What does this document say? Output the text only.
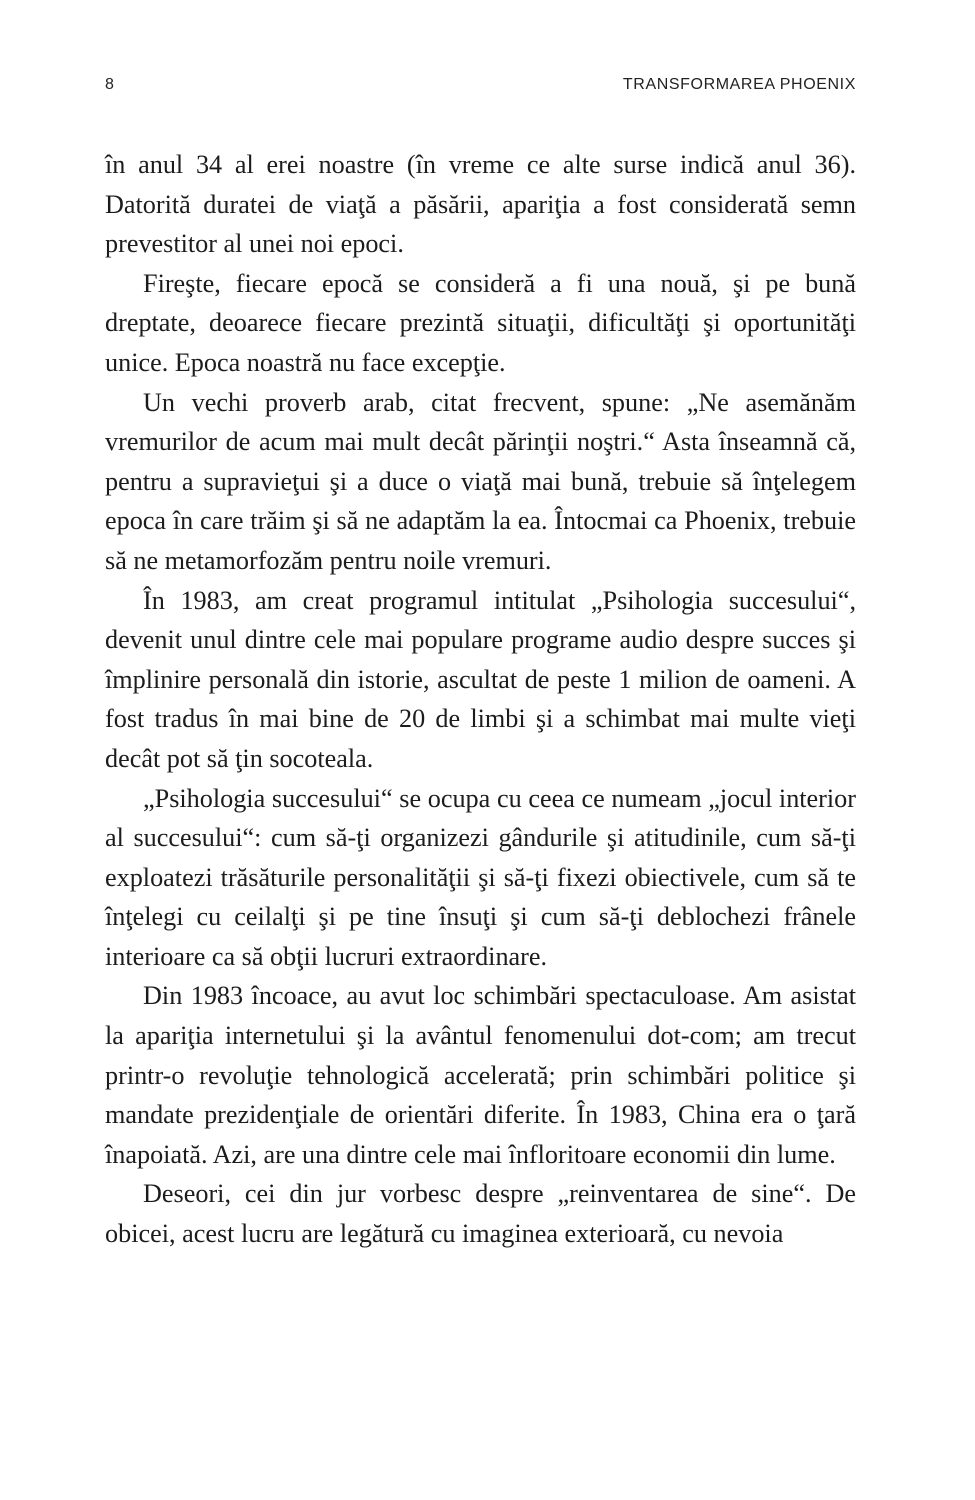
8	TRANSFORMAREA PHOENIX

în anul 34 al erei noastre (în vreme ce alte surse indică anul 36). Datorită duratei de viaţă a păsării, apariţia a fost considerată semn prevestitor al unei noi epoci.

Fireşte, fiecare epocă se consideră a fi una nouă, şi pe bună dreptate, deoarece fiecare prezintă situaţii, dificultăţi şi oportunităţi unice. Epoca noastră nu face excepţie.

Un vechi proverb arab, citat frecvent, spune: „Ne asemănăm vremurilor de acum mai mult decât părinţii noştri.“ Asta înseamnă că, pentru a supravieţui şi a duce o viaţă mai bună, trebuie să înţelegem epoca în care trăim şi să ne adaptăm la ea. Întocmai ca Phoenix, trebuie să ne metamorfozăm pentru noile vremuri.

În 1983, am creat programul intitulat „Psihologia succesului“, devenit unul dintre cele mai populare programe audio despre succes şi împlinire personală din istorie, ascultat de peste 1 milion de oameni. A fost tradus în mai bine de 20 de limbi şi a schimbat mai multe vieţi decât pot să ţin socoteala.

„Psihologia succesului“ se ocupa cu ceea ce numeam „jocul interior al succesului“: cum să-ţi organizezi gândurile şi atitudinile, cum să-ţi exploatezi trăsăturile personalităţii şi să-ţi fixezi obiectivele, cum să te înţelegi cu ceilalţi şi pe tine însuţi şi cum să-ţi deblochezi frânele interioare ca să obţii lucruri extraordinare.

Din 1983 încoace, au avut loc schimbări spectaculoase. Am asistat la apariţia internetului şi la avântul fenomenului dot-com; am trecut printr-o revoluţie tehnologică accelerată; prin schimbări politice şi mandate prezidenţiale de orientări diferite. În 1983, China era o ţară înapoiată. Azi, are una dintre cele mai înfloritoare economii din lume.

Deseori, cei din jur vorbesc despre „reinventarea de sine“. De obicei, acest lucru are legătură cu imaginea exterioară, cu nevoia
